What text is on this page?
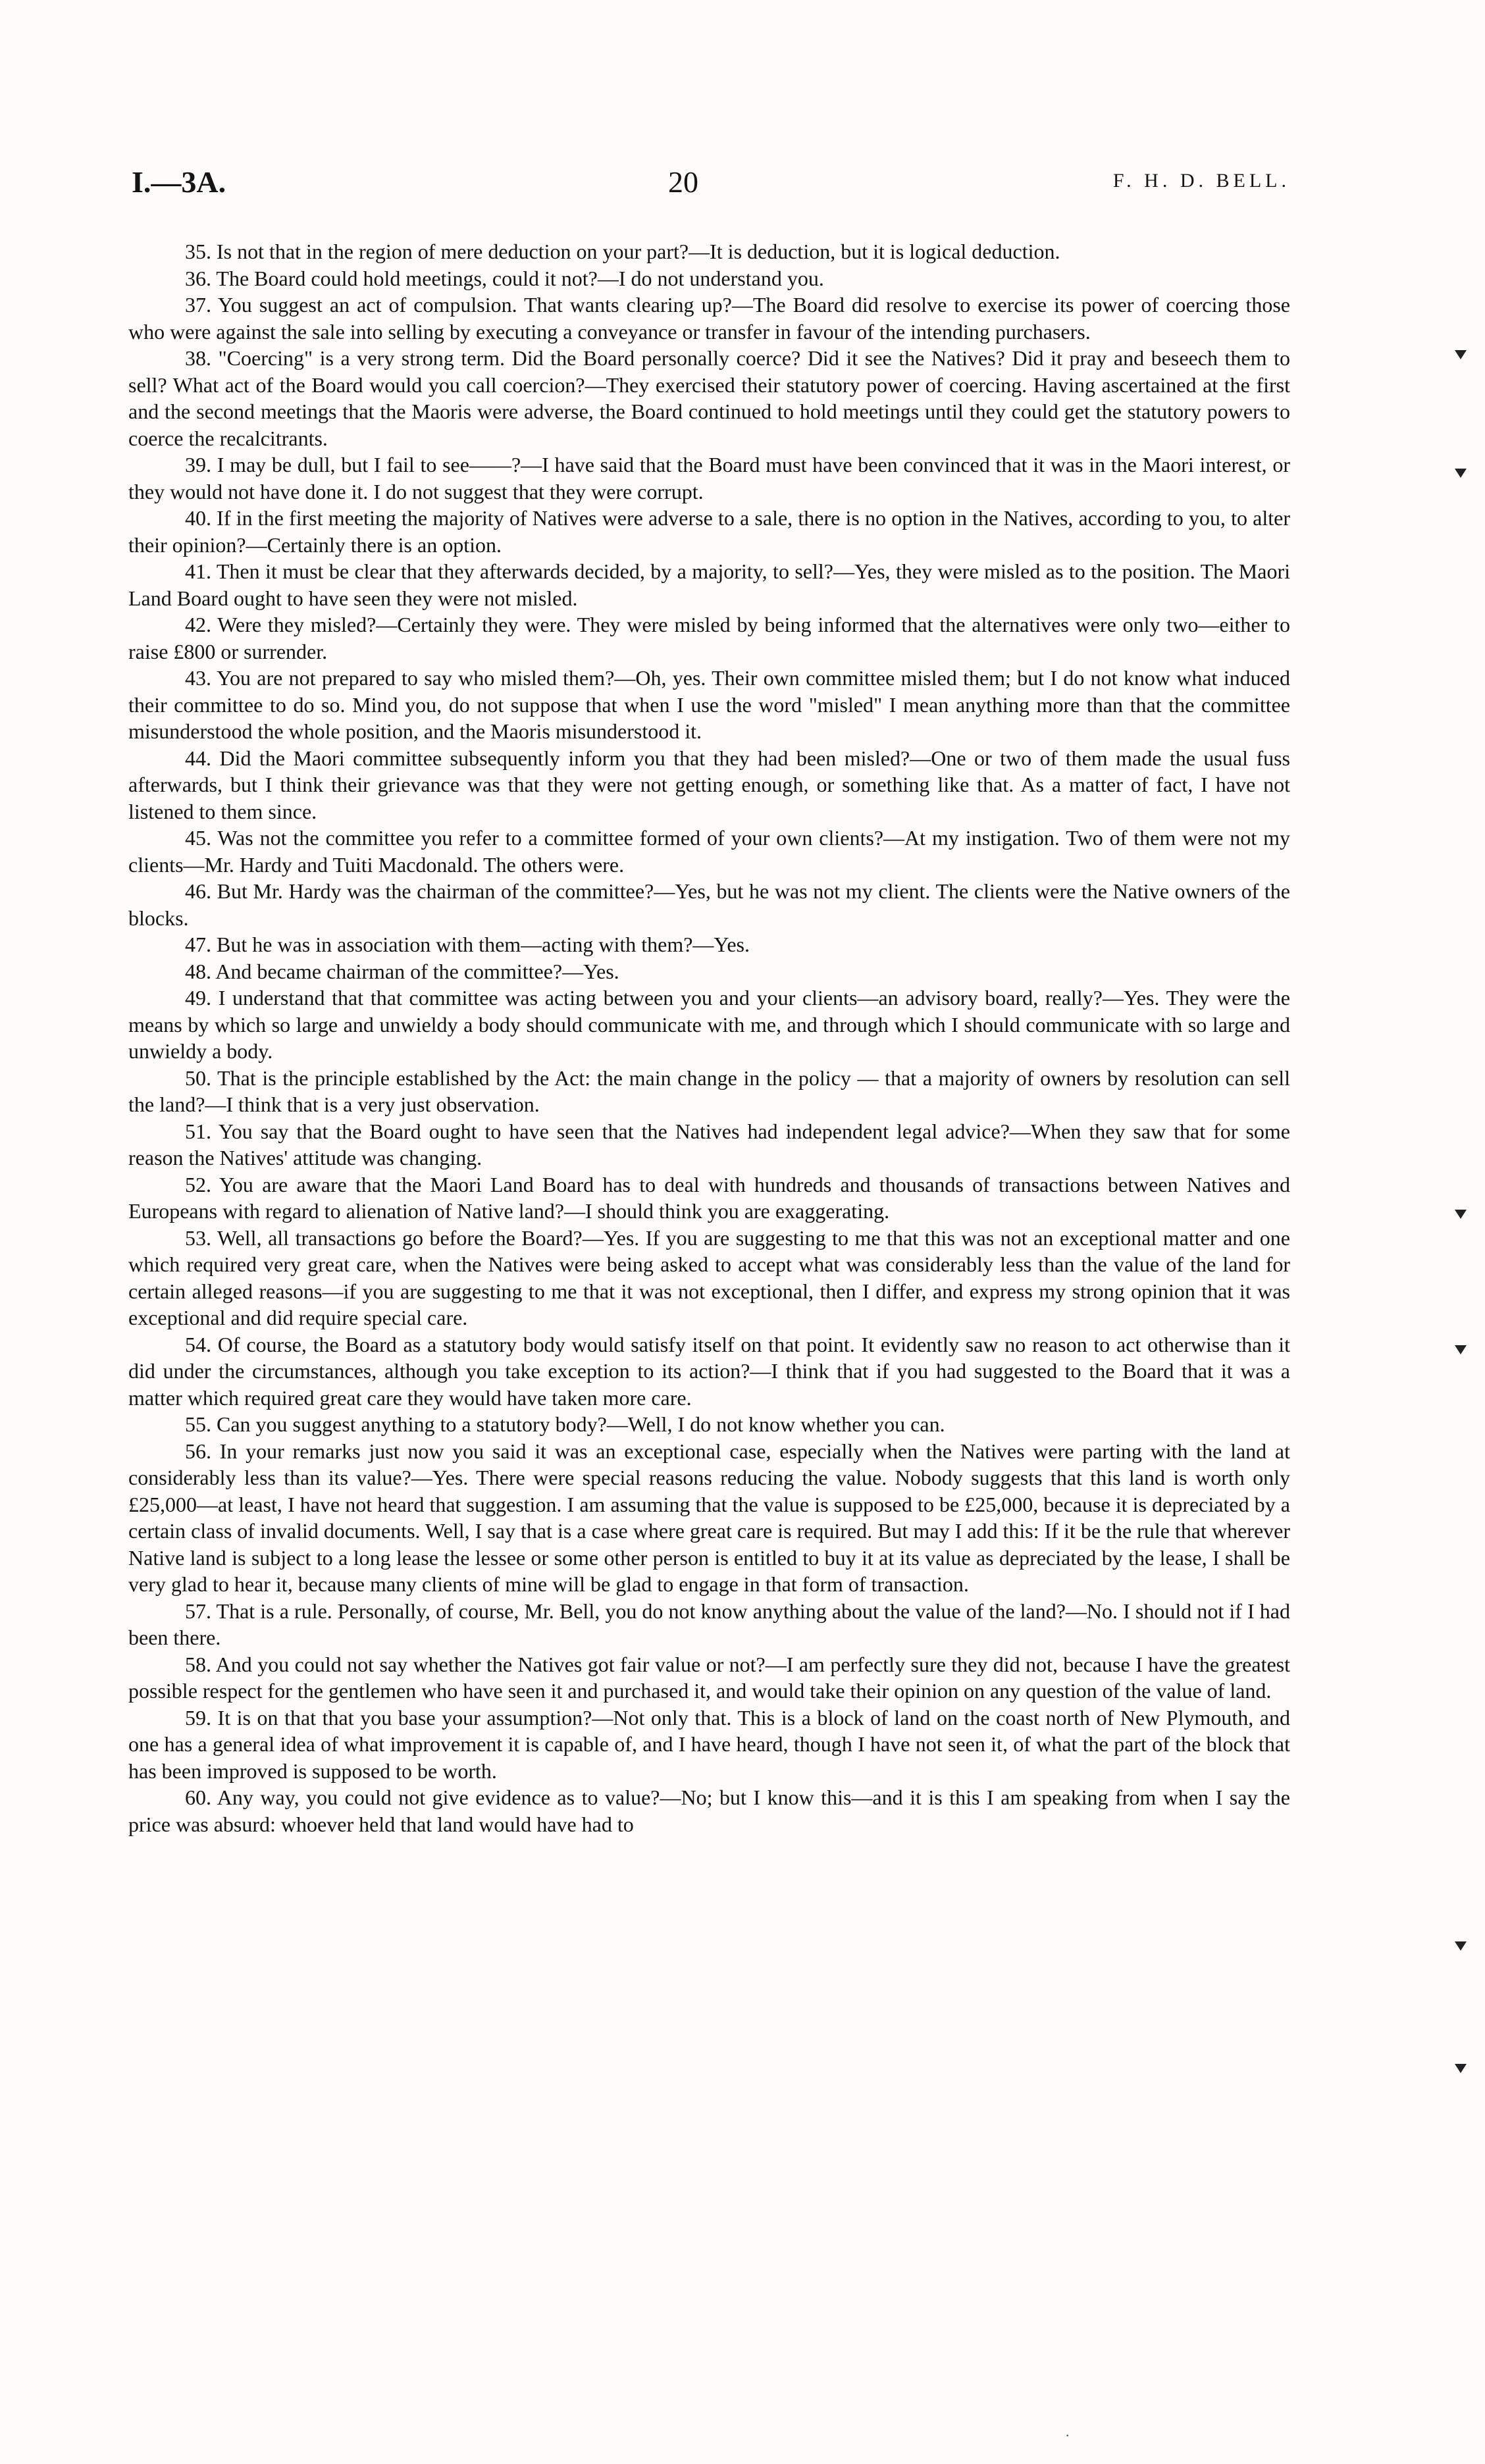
I.—3A.	20	F. H. D. BELL.

35. Is not that in the region of mere deduction on your part?—It is deduction, but it is logical deduction.

36. The Board could hold meetings, could it not?—I do not understand you.

37. You suggest an act of compulsion. That wants clearing up?—The Board did resolve to exercise its power of coercing those who were against the sale into selling by executing a conveyance or transfer in favour of the intending purchasers.

38. "Coercing" is a very strong term. Did the Board personally coerce? Did it see the Natives? Did it pray and beseech them to sell? What act of the Board would you call coercion?—They exercised their statutory power of coercing. Having ascertained at the first and the second meetings that the Maoris were adverse, the Board continued to hold meetings until they could get the statutory powers to coerce the recalcitrants.

39. I may be dull, but I fail to see——?—I have said that the Board must have been convinced that it was in the Maori interest, or they would not have done it. I do not suggest that they were corrupt.

40. If in the first meeting the majority of Natives were adverse to a sale, there is no option in the Natives, according to you, to alter their opinion?—Certainly there is an option.

41. Then it must be clear that they afterwards decided, by a majority, to sell?—Yes, they were misled as to the position. The Maori Land Board ought to have seen they were not misled.

42. Were they misled?—Certainly they were. They were misled by being informed that the alternatives were only two—either to raise £800 or surrender.

43. You are not prepared to say who misled them?—Oh, yes. Their own committee misled them; but I do not know what induced their committee to do so. Mind you, do not suppose that when I use the word "misled" I mean anything more than that the committee misunderstood the whole position, and the Maoris misunderstood it.

44. Did the Maori committee subsequently inform you that they had been misled?—One or two of them made the usual fuss afterwards, but I think their grievance was that they were not getting enough, or something like that. As a matter of fact, I have not listened to them since.

45. Was not the committee you refer to a committee formed of your own clients?—At my instigation. Two of them were not my clients—Mr. Hardy and Tuiti Macdonald. The others were.

46. But Mr. Hardy was the chairman of the committee?—Yes, but he was not my client. The clients were the Native owners of the blocks.

47. But he was in association with them—acting with them?—Yes.

48. And became chairman of the committee?—Yes.

49. I understand that that committee was acting between you and your clients—an advisory board, really?—Yes. They were the means by which so large and unwieldy a body should communicate with me, and through which I should communicate with so large and unwieldy a body.

50. That is the principle established by the Act: the main change in the policy — that a majority of owners by resolution can sell the land?—I think that is a very just observation.

51. You say that the Board ought to have seen that the Natives had independent legal advice?—When they saw that for some reason the Natives' attitude was changing.

52. You are aware that the Maori Land Board has to deal with hundreds and thousands of transactions between Natives and Europeans with regard to alienation of Native land?—I should think you are exaggerating.

53. Well, all transactions go before the Board?—Yes. If you are suggesting to me that this was not an exceptional matter and one which required very great care, when the Natives were being asked to accept what was considerably less than the value of the land for certain alleged reasons—if you are suggesting to me that it was not exceptional, then I differ, and express my strong opinion that it was exceptional and did require special care.

54. Of course, the Board as a statutory body would satisfy itself on that point. It evidently saw no reason to act otherwise than it did under the circumstances, although you take exception to its action?—I think that if you had suggested to the Board that it was a matter which required great care they would have taken more care.

55. Can you suggest anything to a statutory body?—Well, I do not know whether you can.

56. In your remarks just now you said it was an exceptional case, especially when the Natives were parting with the land at considerably less than its value?—Yes. There were special reasons reducing the value. Nobody suggests that this land is worth only £25,000—at least, I have not heard that suggestion. I am assuming that the value is supposed to be £25,000, because it is depreciated by a certain class of invalid documents. Well, I say that is a case where great care is required. But may I add this: If it be the rule that wherever Native land is subject to a long lease the lessee or some other person is entitled to buy it at its value as depreciated by the lease, I shall be very glad to hear it, because many clients of mine will be glad to engage in that form of transaction.

57. That is a rule. Personally, of course, Mr. Bell, you do not know anything about the value of the land?—No. I should not if I had been there.

58. And you could not say whether the Natives got fair value or not?—I am perfectly sure they did not, because I have the greatest possible respect for the gentlemen who have seen it and purchased it, and would take their opinion on any question of the value of land.

59. It is on that that you base your assumption?—Not only that. This is a block of land on the coast north of New Plymouth, and one has a general idea of what improvement it is capable of, and I have heard, though I have not seen it, of what the part of the block that has been improved is supposed to be worth.

60. Any way, you could not give evidence as to value?—No; but I know this—and it is this I am speaking from when I say the price was absurd: whoever held that land would have had to

·
